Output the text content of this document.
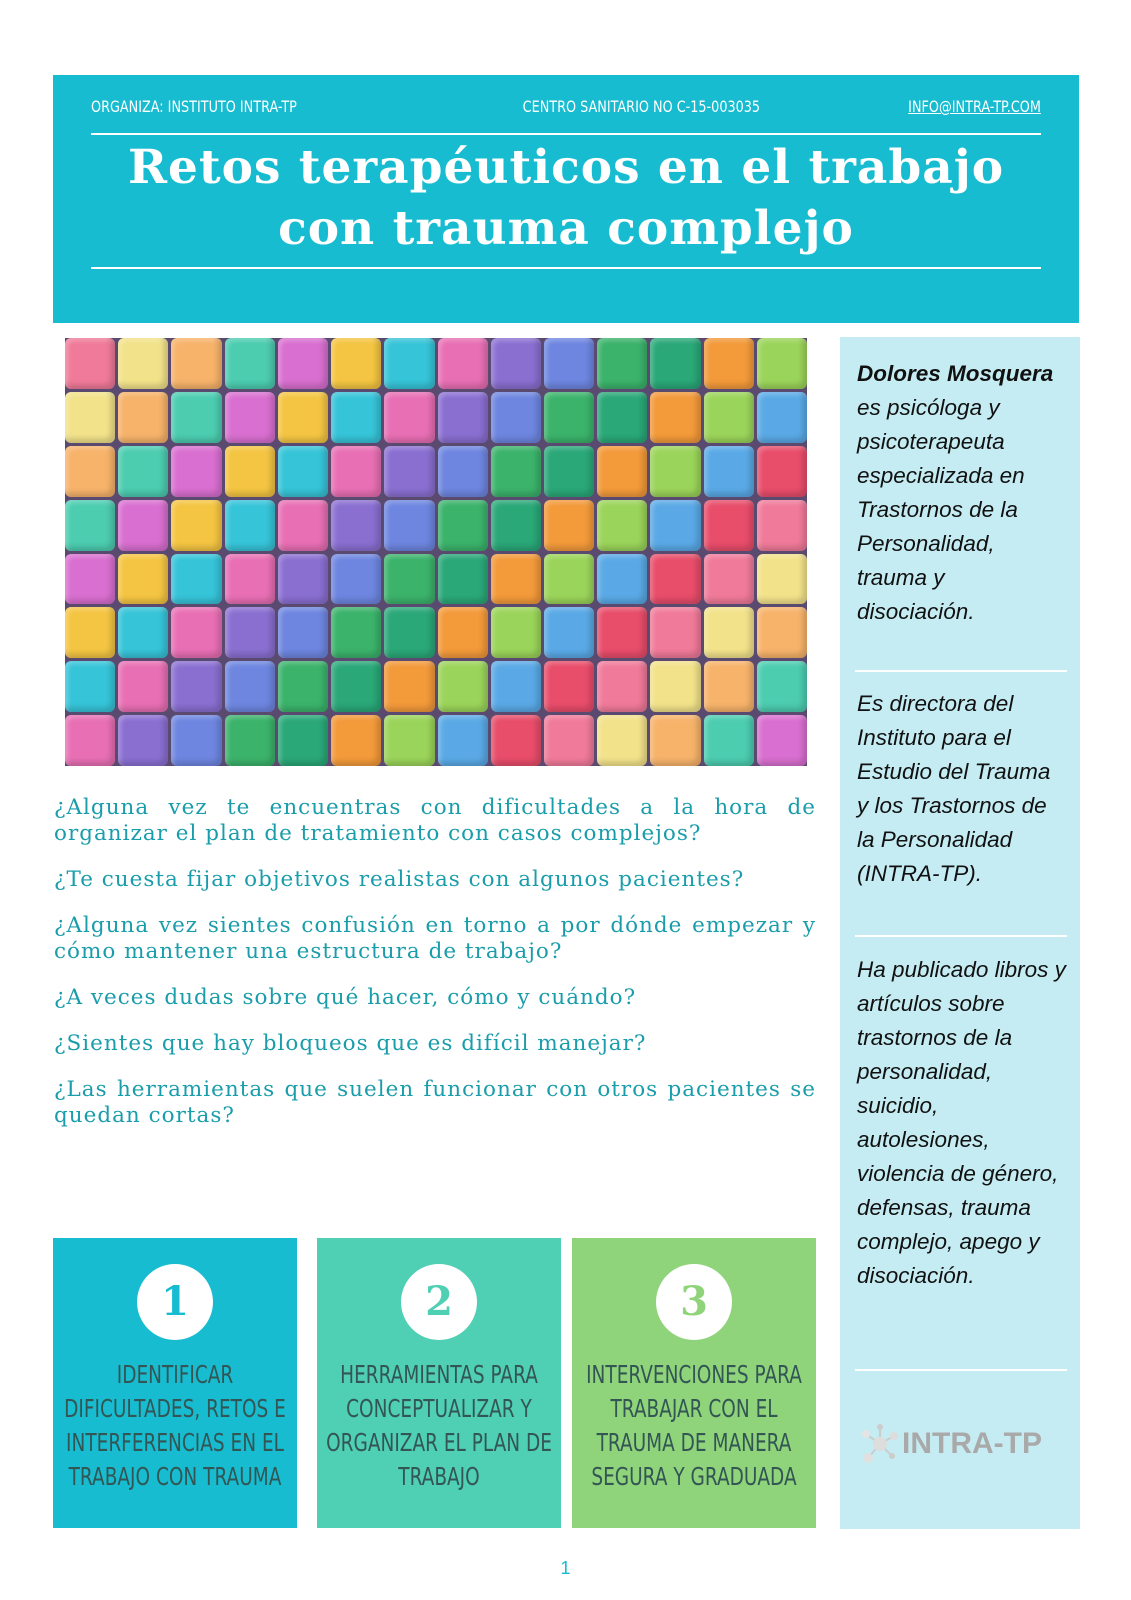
ORGANIZA: INSTITUTO INTRA-TP	CENTRO SANITARIO NO C-15-003035	INFO@INTRA-TP.COM
Retos terapéuticos en el trabajo
con trauma complejo

¿Alguna vez te encuentras con dificultades a la hora de organizar el plan de tratamiento con casos complejos?

¿Te cuesta fijar objetivos realistas con algunos pacientes?

¿Alguna vez sientes confusión en torno a por dónde empezar y cómo mantener una estructura de trabajo?

¿A veces dudas sobre qué hacer, cómo y cuándo?

¿Sientes que hay bloqueos que es difícil manejar?

¿Las herramientas que suelen funcionar con otros pacientes se quedan cortas?

1
IDENTIFICAR
DIFICULTADES, RETOS E
INTERFERENCIAS EN EL
TRABAJO CON TRAUMA
2
HERRAMIENTAS PARA
CONCEPTUALIZAR Y
ORGANIZAR EL PLAN DE
TRABAJO
3
INTERVENCIONES PARA
TRABAJAR CON EL
TRAUMA DE MANERA
SEGURA Y GRADUADA
Dolores Mosquera es psicóloga y psicoterapeuta especializada en Trastornos de la Personalidad, trauma y disociación.
Es directora del Instituto para el Estudio del Trauma y los Trastornos de la Personalidad (INTRA-TP).
Ha publicado libros y artículos sobre trastornos de la personalidad, suicidio, autolesiones, violencia de género, defensas, trauma complejo, apego y disociación.
INTRA-TP
1
